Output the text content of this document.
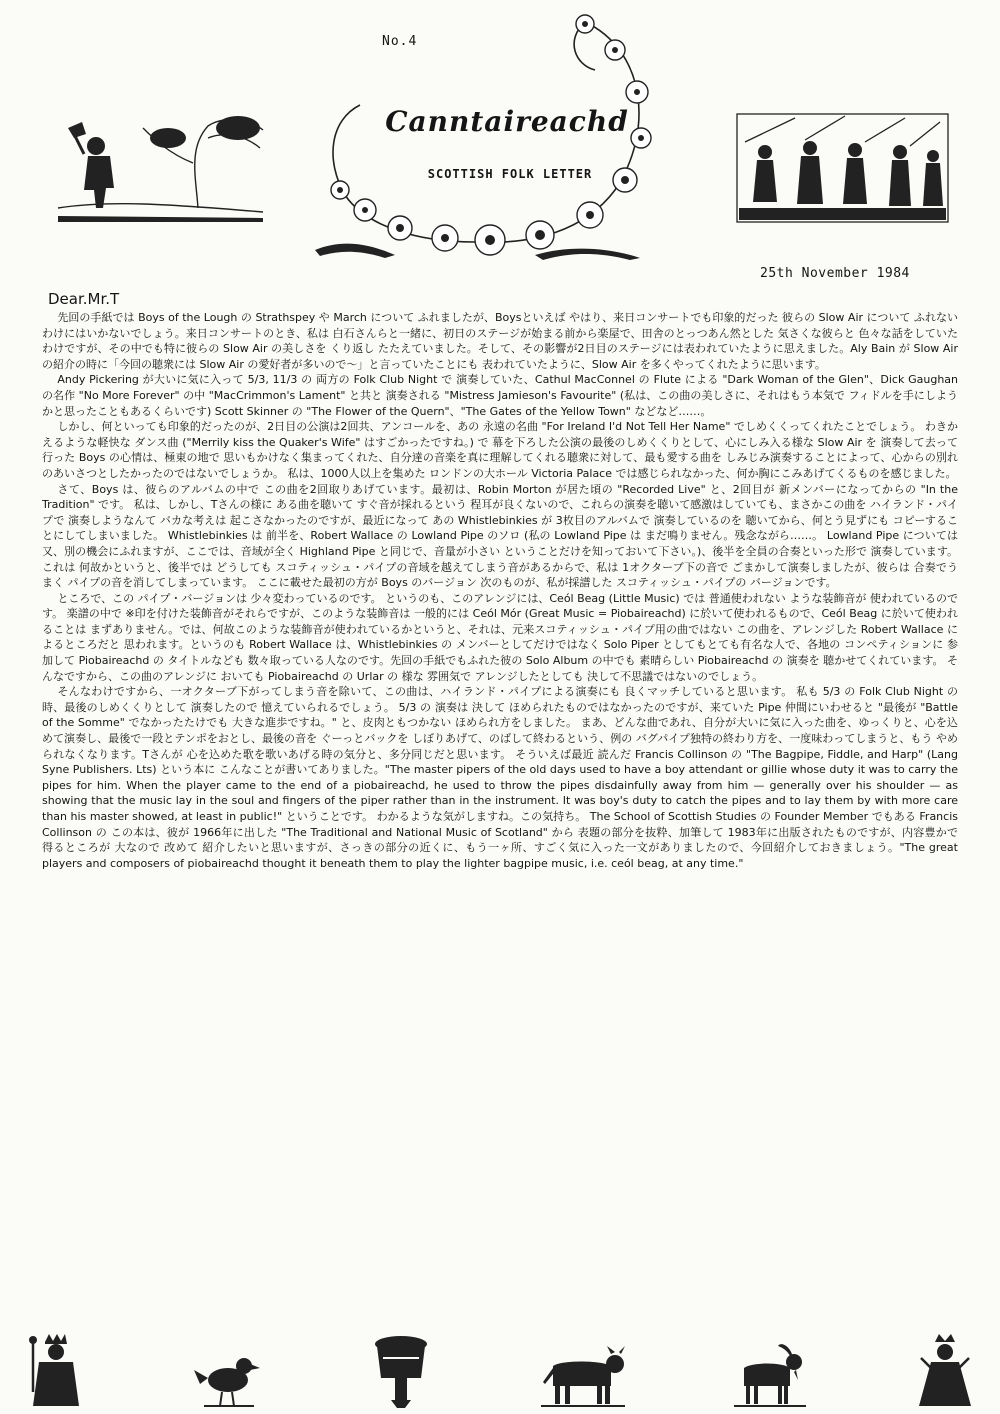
No.4
Canntaireachd
SCOTTISH FOLK LETTER
25th November 1984
Dear.Mr.T

先回の手紙では Boys of the Lough の Strathspey や March について ふれましたが、Boysといえば やはり、来日コンサートでも印象的だった 彼らの Slow Air について ふれないわけにはいかないでしょう。来日コンサートのとき、私は 白石さんらと一緒に、初日のステージが始まる前から楽屋で、田舎のとっつあん然とした 気さくな彼らと 色々な話をしていたわけですが、その中でも特に彼らの Slow Air の美しさを くり返し たたえていました。そして、その影響が2日目のステージには表われていたように思えました。Aly Bain が Slow Air の紹介の時に「今回の聴衆には Slow Air の愛好者が多いので〜」と言っていたことにも 表われていたように、Slow Air を多くやってくれたように思います。

Andy Pickering が大いに気に入って 5/3, 11/3 の 両方の Folk Club Night で 演奏していた、Cathul MacConnel の Flute による "Dark Woman of the Glen"、Dick Gaughan の名作 "No More Forever" の中 "MacCrimmon's Lament" と共と 演奏される "Mistress Jamieson's Favourite" (私は、この曲の美しさに、それはもう本気で フィドルを手にしようかと思ったこともあるくらいです) Scott Skinner の "The Flower of the Quern"、"The Gates of the Yellow Town" などなど……。

しかし、何といっても印象的だったのが、2日目の公演は2回共、アンコールを、あの 永遠の名曲 "For Ireland I'd Not Tell Her Name" でしめくくってくれたことでしょう。 わきかえるような軽快な ダンス曲 ("Merrily kiss the Quaker's Wife" はすごかったですね。) で 幕を下ろした公演の最後のしめくくりとして、心にしみ入る様な Slow Air を 演奏して去って行った Boys の心情は、極東の地で 思いもかけなく集まってくれた、自分達の音楽を真に理解してくれる聴衆に対して、最も愛する曲を しみじみ演奏することによって、心からの別れのあいさつとしたかったのではないでしょうか。 私は、1000人以上を集めた ロンドンの大ホール Victoria Palace では感じられなかった、何か胸にこみあげてくるものを感じました。

さて、Boys は、彼らのアルバムの中で この曲を2回取りあげています。最初は、Robin Morton が居た頃の "Recorded Live" と、2回目が 新メンバーになってからの "In the Tradition" です。 私は、しかし、Tさんの様に ある曲を聴いて すぐ音が採れるという 程耳が良くないので、これらの演奏を聴いて感激はしていても、まさかこの曲を ハイランド・パイプで 演奏しようなんて バカな考えは 起こさなかったのですが、最近になって あの Whistlebinkies が 3枚目のアルバムで 演奏しているのを 聴いてから、何とう見ずにも コピーすることにしてしまいました。 Whistlebinkies は 前半を、Robert Wallace の Lowland Pipe のソロ (私の Lowland Pipe は まだ鳴りません。残念ながら……。 Lowland Pipe については 又、別の機会にふれますが、ここでは、音域が全く Highland Pipe と同じで、音量が小さい ということだけを知っておいて下さい。)、後半を全員の合奏といった形で 演奏しています。 これは 何故かというと、後半では どうしても スコティッシュ・パイプの音域を越えてしまう音があるからで、私は 1オクターブ下の音で ごまかして演奏しましたが、彼らは 合奏でうまく パイプの音を消してしまっています。 ここに載せた最初の方が Boys のバージョン 次のものが、私が採譜した スコティッシュ・パイプの バージョンです。

ところで、この パイプ・バージョンは 少々変わっているのです。 というのも、このアレンジには、Ceól Beag (Little Music) では 普通使われない ような装飾音が 使われているのです。 楽譜の中で ※印を付けた装飾音がそれらですが、このような装飾音は 一般的には Ceól Mór (Great Music = Piobaireachd) に於いて使われるもので、Ceól Beag に於いて使われることは まずありません。では、何故このような装飾音が使われているかというと、それは、元来スコティッシュ・パイプ用の曲ではない この曲を、アレンジした Robert Wallace によるところだと 思われます。というのも Robert Wallace は、Whistlebinkies の メンバーとしてだけではなく Solo Piper としてもとても有名な人で、各地の コンペティションに 参加して Piobaireachd の タイトルなども 数々取っている人なのです。先回の手紙でもふれた彼の Solo Album の中でも 素晴らしい Piobaireachd の 演奏を 聴かせてくれています。 そんなですから、この曲のアレンジに おいても Piobaireachd の Urlar の 様な 雰囲気で アレンジしたとしても 決して不思議ではないのでしょう。

そんなわけですから、一オクターブ下がってしまう音を除いて、この曲は、ハイランド・パイプによる演奏にも 良くマッチしていると思います。 私も 5/3 の Folk Club Night の 時、最後のしめくくりとして 演奏したので 憶えていられるでしょう。 5/3 の 演奏は 決して ほめられたものではなかったのですが、来ていた Pipe 仲間にいわせると "最後が "Battle of the Somme" でなかったたけでも 大きな進歩ですね。" と、皮肉ともつかない ほめられ方をしました。 まあ、どんな曲であれ、自分が大いに気に入った曲を、ゆっくりと、心を込めて演奏し、最後で一段とテンポをおとし、最後の音を ぐーっとバックを しぼりあげて、のばして終わるという、例の バグパイプ独特の終わり方を、一度味わってしまうと、もう やめられなくなります。Tさんが 心を込めた歌を歌いあげる時の気分と、多分同じだと思います。 そういえば最近 読んだ Francis Collinson の "The Bagpipe, Fiddle, and Harp" (Lang Syne Publishers. Lts) という本に こんなことが書いてありました。"The master pipers of the old days used to have a boy attendant or gillie whose duty it was to carry the pipes for him. When the player came to the end of a piobaireachd, he used to throw the pipes disdainfully away from him — generally over his shoulder — as showing that the music lay in the soul and fingers of the piper rather than in the instrument. It was boy's duty to catch the pipes and to lay them by with more care than his master showed, at least in public!" ということです。 わかるような気がしますね。この気持ち。 The School of Scottish Studies の Founder Member でもある Francis Collinson の この本は、彼が 1966年に出した "The Traditional and National Music of Scotland" から 表題の部分を抜粋、加筆して 1983年に出版されたものですが、内容豊かで 得るところが 大なので 改めて 紹介したいと思いますが、さっきの部分の近くに、もう一ヶ所、すごく気に入った一文がありましたので、今回紹介しておきましょう。"The great players and composers of piobaireachd thought it beneath them to play the lighter bagpipe music, i.e. ceól beag, at any time."
